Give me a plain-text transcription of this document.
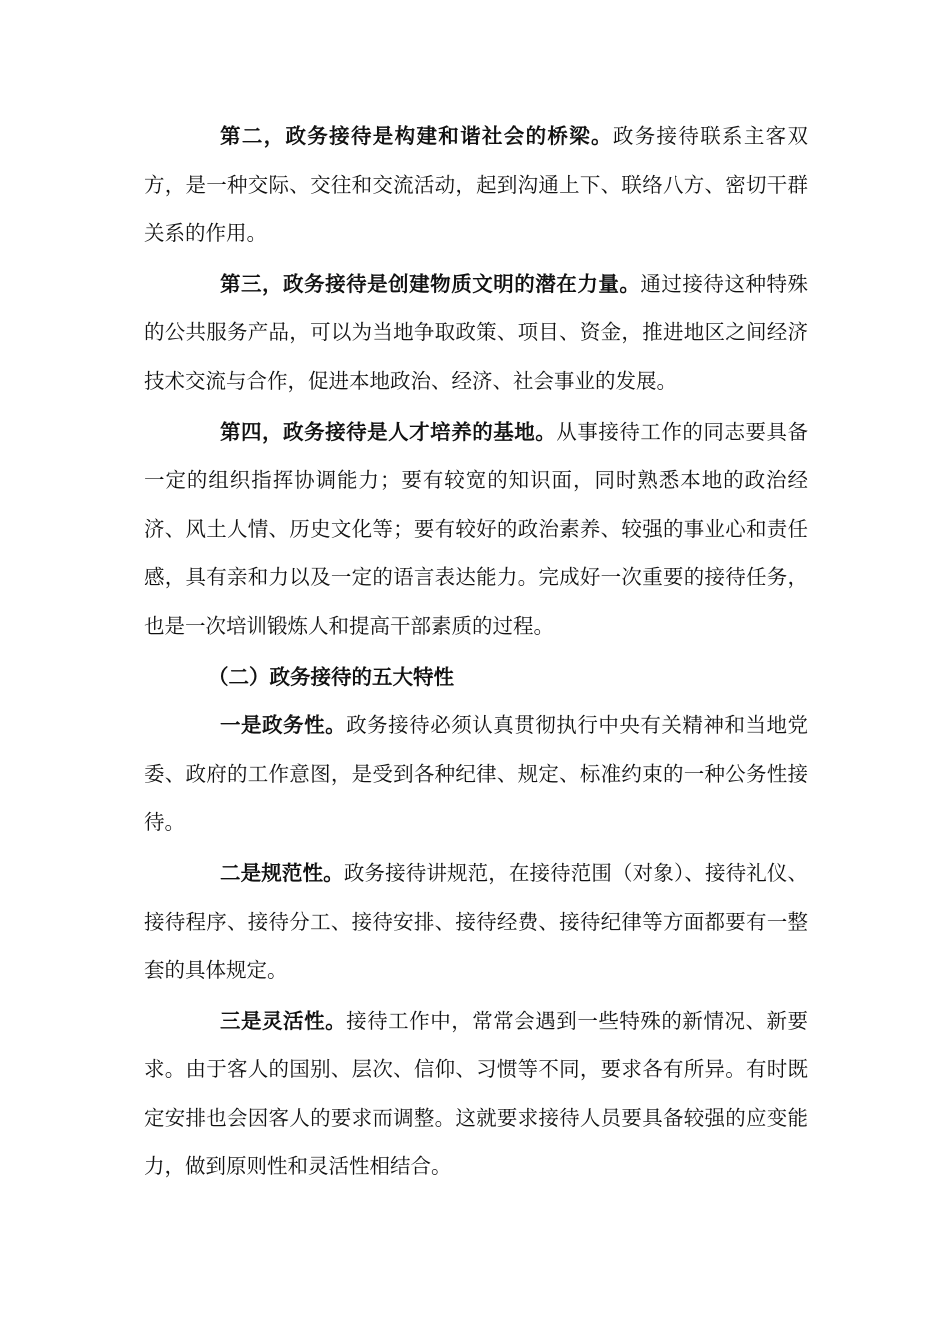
第二，政务接待是构建和谐社会的桥梁。政务接待联系主客双方，是一种交际、交往和交流活动，起到沟通上下、联络八方、密切干群关系的作用。

第三，政务接待是创建物质文明的潜在力量。通过接待这种特殊的公共服务产品，可以为当地争取政策、项目、资金，推进地区之间经济技术交流与合作，促进本地政治、经济、社会事业的发展。

第四，政务接待是人才培养的基地。从事接待工作的同志要具备一定的组织指挥协调能力；要有较宽的知识面，同时熟悉本地的政治经济、风土人情、历史文化等；要有较好的政治素养、较强的事业心和责任感，具有亲和力以及一定的语言表达能力。完成好一次重要的接待任务，也是一次培训锻炼人和提高干部素质的过程。

（二）政务接待的五大特性

一是政务性。政务接待必须认真贯彻执行中央有关精神和当地党委、政府的工作意图，是受到各种纪律、规定、标准约束的一种公务性接待。

二是规范性。政务接待讲规范，在接待范围（对象）、接待礼仪、接待程序、接待分工、接待安排、接待经费、接待纪律等方面都要有一整套的具体规定。

三是灵活性。接待工作中，常常会遇到一些特殊的新情况、新要求。由于客人的国别、层次、信仰、习惯等不同，要求各有所异。有时既定安排也会因客人的要求而调整。这就要求接待人员要具备较强的应变能力，做到原则性和灵活性相结合。
